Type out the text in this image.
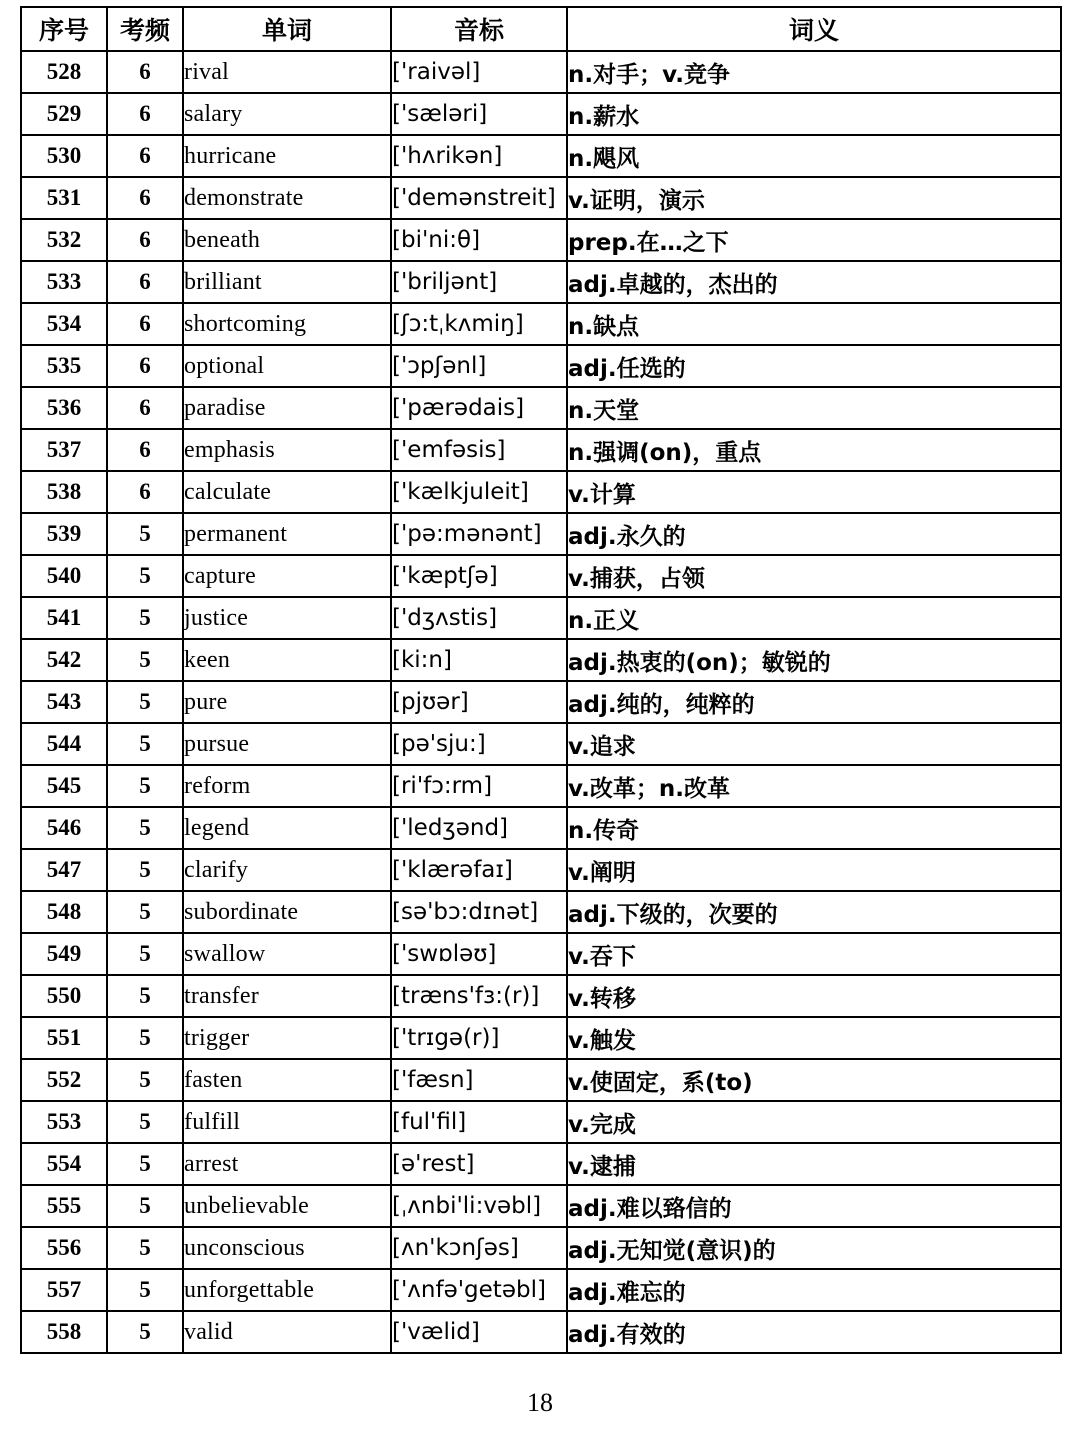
序号	考频	单词	音标	词义
528	6	rival	['raivəl]	n.对手；v.竞争
529	6	salary	['sæləri]	n.薪水
530	6	hurricane	['hʌrikən]	n.飓风
531	6	demonstrate	['demənstreit]	v.证明，演示
532	6	beneath	[bi'ni:θ]	prep.在…之下
533	6	brilliant	['briljənt]	adj.卓越的，杰出的
534	6	shortcoming	[ʃɔ:tˌkʌmiŋ]	n.缺点
535	6	optional	['ɔpʃənl]	adj.任选的
536	6	paradise	['pærədais]	n.天堂
537	6	emphasis	['emfəsis]	n.强调(on)，重点
538	6	calculate	['kælkjuleit]	v.计算
539	5	permanent	['pə:mənənt]	adj.永久的
540	5	capture	['kæptʃə]	v.捕获，占领
541	5	justice	['dʒʌstis]	n.正义
542	5	keen	[ki:n]	adj.热衷的(on)；敏锐的
543	5	pure	[pjʊər]	adj.纯的，纯粹的
544	5	pursue	[pə'sju:]	v.追求
545	5	reform	[ri'fɔ:rm]	v.改革；n.改革
546	5	legend	['ledʒənd]	n.传奇
547	5	clarify	['klærəfaɪ]	v.阐明
548	5	subordinate	[sə'bɔ:dɪnət]	adj.下级的，次要的
549	5	swallow	['swɒləʊ]	v.吞下
550	5	transfer	[træns'fɜ:(r)]	v.转移
551	5	trigger	['trɪgə(r)]	v.触发
552	5	fasten	['fæsn]	v.使固定，系(to)
553	5	fulfill	[ful'fil]	v.完成
554	5	arrest	[ə'rest]	v.逮捕
555	5	unbelievable	[ˌʌnbi'li:vəbl]	adj.难以臵信的
556	5	unconscious	[ʌn'kɔnʃəs]	adj.无知觉(意识)的
557	5	unforgettable	['ʌnfə'getəbl]	adj.难忘的
558	5	valid	['vælid]	adj.有效的
18
